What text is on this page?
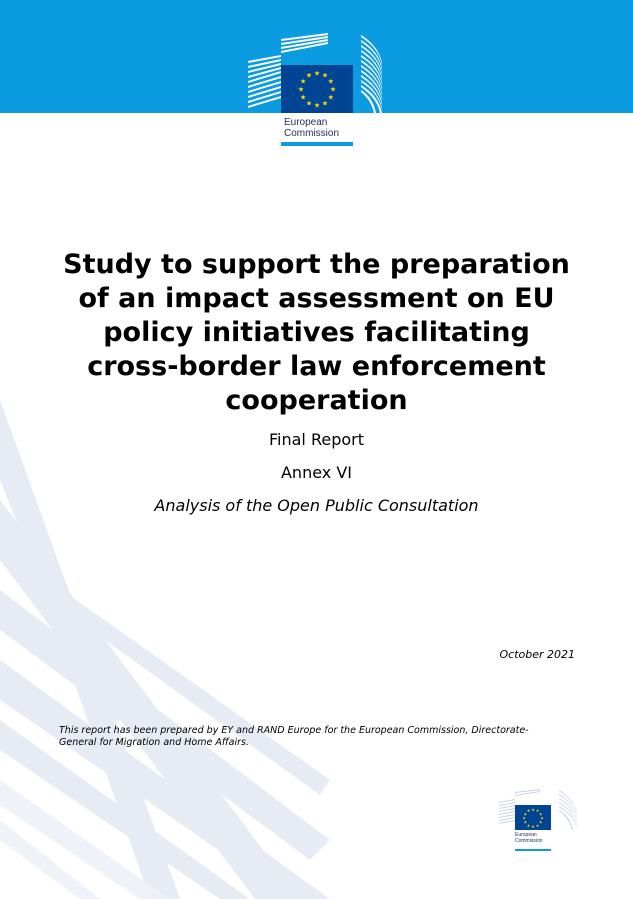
★ ★
★
★
★
★
★
★
★
★
★
★
European
Commission
Study to support the preparation
of an impact assessment on EU
policy initiatives facilitating
cross-border law enforcement
cooperation

Final Report

Annex VI

Analysis of the Open Public Consultation

October 2021
This report has been prepared by EY and RAND Europe for the European Commission, Directorate-General for Migration and Home Affairs.
★ ★
★
★
★
★
★
★
★
★
★
★
European
Commission
